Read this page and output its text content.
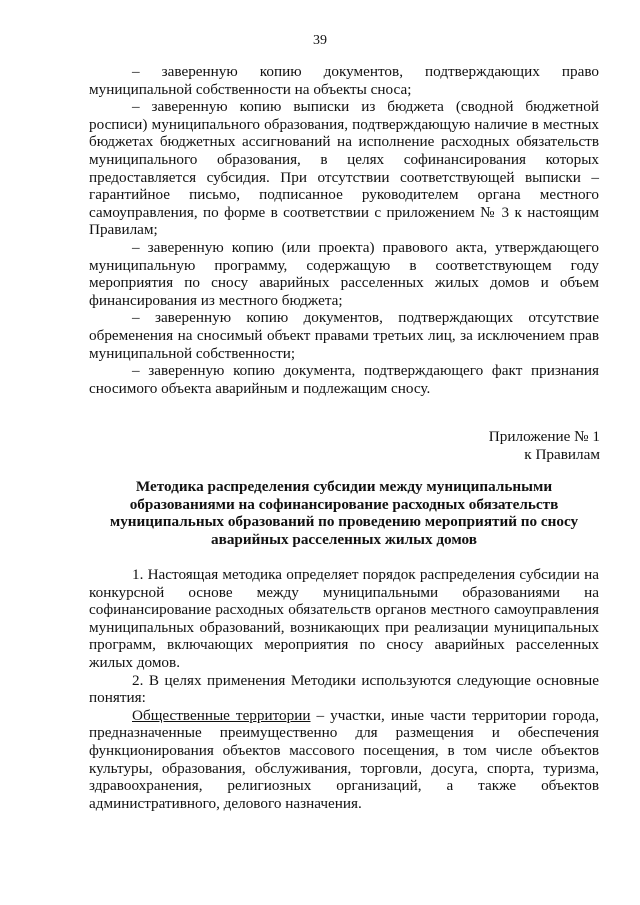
39

– заверенную копию документов, подтверждающих право муниципальной собственности на объекты сноса;

– заверенную копию выписки из бюджета (сводной бюджетной росписи) муниципального образования, подтверждающую наличие в местных бюджетах бюджетных ассигнований на исполнение расходных обязательств муниципального образования, в целях софинансирования которых предоставляется субсидия. При отсутствии соответствующей выписки – гарантийное письмо, подписанное руководителем органа местного самоуправления, по форме в соответствии с приложением № 3 к настоящим Правилам;

– заверенную копию (или проекта) правового акта, утверждающего муниципальную программу, содержащую в соответствующем году мероприятия по сносу аварийных расселенных жилых домов и объем финансирования из местного бюджета;

– заверенную копию документов, подтверждающих отсутствие обременения на сносимый объект правами третьих лиц, за исключением прав муниципальной собственности;

– заверенную копию документа, подтверждающего факт признания сносимого объекта аварийным и подлежащим сносу.

Приложение № 1
к Правилам
Методика распределения субсидии между муниципальными
образованиями на софинансирование расходных обязательств
муниципальных образований по проведению мероприятий по сносу
аварийных расселенных жилых домов

1. Настоящая методика определяет порядок распределения субсидии на конкурсной основе между муниципальными образованиями на софинансирование расходных обязательств органов местного самоуправления муниципальных образований, возникающих при реализации муниципальных программ, включающих мероприятия по сносу аварийных расселенных жилых домов.

2. В целях применения Методики используются следующие основные понятия:

Общественные территории – участки, иные части территории города, предназначенные преимущественно для размещения и обеспечения функционирования объектов массового посещения, в том числе объектов культуры, образования, обслуживания, торговли, досуга, спорта, туризма, здравоохранения, религиозных организаций, а также объектов административного, делового назначения.
